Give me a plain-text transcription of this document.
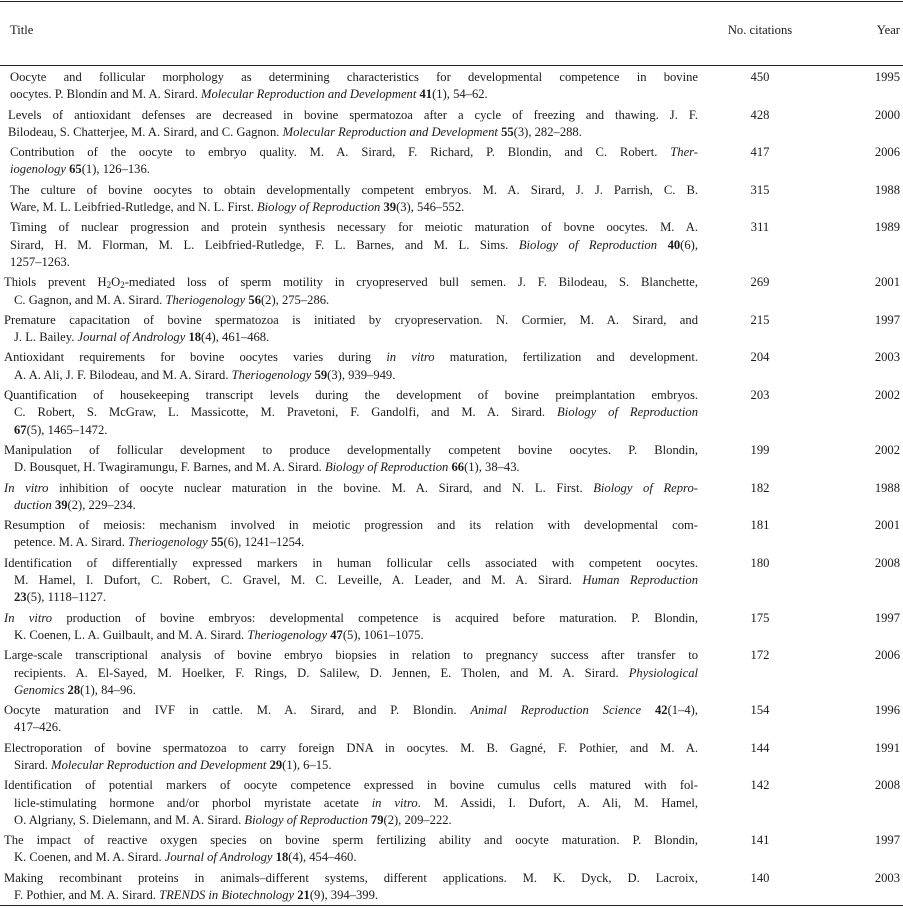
Title	No. citations	Year
Oocyte and follicular morphology as determining characteristics for developmental competence in bovine
oocytes. P. Blondin and M. A. Sirard. Molecular Reproduction and Development 41(1), 54–62.
450	1995
Levels of antioxidant defenses are decreased in bovine spermatozoa after a cycle of freezing and thawing. J. F.
Bilodeau, S. Chatterjee, M. A. Sirard, and C. Gagnon. Molecular Reproduction and Development 55(3), 282–288.
428	2000
Contribution of the oocyte to embryo quality. M. A. Sirard, F. Richard, P. Blondin, and C. Robert. Ther-
iogenology 65(1), 126–136.
417	2006
The culture of bovine oocytes to obtain developmentally competent embryos. M. A. Sirard, J. J. Parrish, C. B.
Ware, M. L. Leibfried-Rutledge, and N. L. First. Biology of Reproduction 39(3), 546–552.
315	1988
Timing of nuclear progression and protein synthesis necessary for meiotic maturation of bovne oocytes. M. A.
Sirard, H. M. Florman, M. L. Leibfried-Rutledge, F. L. Barnes, and M. L. Sims. Biology of Reproduction 40(6),
1257–1263.
311	1989
Thiols prevent $H_2O_2$-mediated loss of sperm motility in cryopreserved bull semen. J. F. Bilodeau, S. Blanchette,
C. Gagnon, and M. A. Sirard. Theriogenology 56(2), 275–286.
269	2001
Premature capacitation of bovine spermatozoa is initiated by cryopreservation. N. Cormier, M. A. Sirard, and
J. L. Bailey. Journal of Andrology 18(4), 461–468.
215	1997
Antioxidant requirements for bovine oocytes varies during in vitro maturation, fertilization and development.
A. A. Ali, J. F. Bilodeau, and M. A. Sirard. Theriogenology 59(3), 939–949.
204	2003
Quantification of housekeeping transcript levels during the development of bovine preimplantation embryos.
C. Robert, S. McGraw, L. Massicotte, M. Pravetoni, F. Gandolfi, and M. A. Sirard. Biology of Reproduction
67(5), 1465–1472.
203	2002
Manipulation of follicular development to produce developmentally competent bovine oocytes. P. Blondin,
D. Bousquet, H. Twagiramungu, F. Barnes, and M. A. Sirard. Biology of Reproduction 66(1), 38–43.
199	2002
In vitro inhibition of oocyte nuclear maturation in the bovine. M. A. Sirard, and N. L. First. Biology of Repro-
duction 39(2), 229–234.
182	1988
Resumption of meiosis: mechanism involved in meiotic progression and its relation with developmental com-
petence. M. A. Sirard. Theriogenology 55(6), 1241–1254.
181	2001
Identification of differentially expressed markers in human follicular cells associated with competent oocytes.
M. Hamel, I. Dufort, C. Robert, C. Gravel, M. C. Leveille, A. Leader, and M. A. Sirard. Human Reproduction
23(5), 1118–1127.
180	2008
In vitro production of bovine embryos: developmental competence is acquired before maturation. P. Blondin,
K. Coenen, L. A. Guilbault, and M. A. Sirard. Theriogenology 47(5), 1061–1075.
175	1997
Large-scale transcriptional analysis of bovine embryo biopsies in relation to pregnancy success after transfer to
recipients. A. El-Sayed, M. Hoelker, F. Rings, D. Salilew, D. Jennen, E. Tholen, and M. A. Sirard. Physiological
Genomics 28(1), 84–96.
172	2006
Oocyte maturation and IVF in cattle. M. A. Sirard, and P. Blondin. Animal Reproduction Science 42(1–4),
417–426.
154	1996
Electroporation of bovine spermatozoa to carry foreign DNA in oocytes. M. B. Gagné, F. Pothier, and M. A.
Sirard. Molecular Reproduction and Development 29(1), 6–15.
144	1991
Identification of potential markers of oocyte competence expressed in bovine cumulus cells matured with fol-
licle-stimulating hormone and/or phorbol myristate acetate in vitro. M. Assidi, I. Dufort, A. Ali, M. Hamel,
O. Algriany, S. Dielemann, and M. A. Sirard. Biology of Reproduction 79(2), 209–222.
142	2008
The impact of reactive oxygen species on bovine sperm fertilizing ability and oocyte maturation. P. Blondin,
K. Coenen, and M. A. Sirard. Journal of Andrology 18(4), 454–460.
141	1997
Making recombinant proteins in animals–different systems, different applications. M. K. Dyck, D. Lacroix,
F. Pothier, and M. A. Sirard. TRENDS in Biotechnology 21(9), 394–399.
140	2003
